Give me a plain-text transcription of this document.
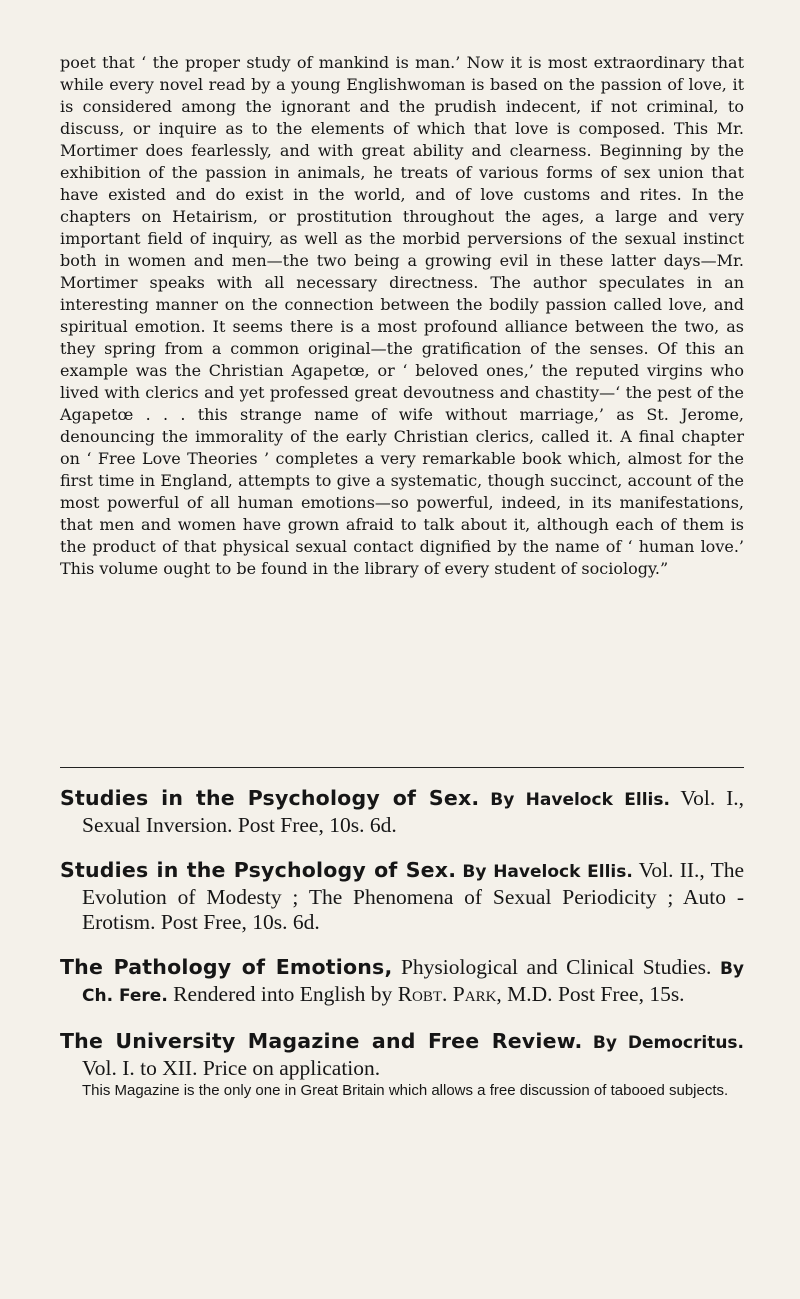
poet that ‘ the proper study of mankind is man.’ Now it is most extraordinary that while every novel read by a young Englishwoman is based on the passion of love, it is considered among the ignorant and the prudish indecent, if not criminal, to discuss, or inquire as to the elements of which that love is composed. This Mr. Mortimer does fearlessly, and with great ability and clearness. Beginning by the exhibition of the passion in animals, he treats of various forms of sex union that have existed and do exist in the world, and of love customs and rites. In the chapters on Hetairism, or prostitution throughout the ages, a large and very important field of inquiry, as well as the morbid perversions of the sexual instinct both in women and men—the two being a growing evil in these latter days—Mr. Mortimer speaks with all necessary directness. The author speculates in an interesting manner on the connection between the bodily passion called love, and spiritual emotion. It seems there is a most profound alliance between the two, as they spring from a common original—the gratification of the senses. Of this an example was the Christian Agapetœ, or ‘ beloved ones,’ the reputed virgins who lived with clerics and yet professed great devoutness and chastity—‘ the pest of the Agapetœ . . . this strange name of wife without marriage,’ as St. Jerome, denouncing the immorality of the early Christian clerics, called it. A final chapter on ‘ Free Love Theories ’ completes a very remarkable book which, almost for the first time in England, attempts to give a systematic, though succinct, account of the most powerful of all human emotions—so powerful, indeed, in its manifestations, that men and women have grown afraid to talk about it, although each of them is the product of that physical sexual contact dignified by the name of ‘ human love.’ This volume ought to be found in the library of every student of sociology.”

Studies in the Psychology of Sex. By Havelock Ellis. Vol. I., Sexual Inversion. Post Free, 10s. 6d.
Studies in the Psychology of Sex. By Havelock Ellis. Vol. II., The Evolution of Modesty ; The Phenomena of Sexual Periodicity ; Auto - Erotism. Post Free, 10s. 6d.
The Pathology of Emotions, Physiological and Clinical Studies. By Ch. Fere. Rendered into English by Robt. Park, M.D. Post Free, 15s.
The University Magazine and Free Review. By Democritus. Vol. I. to XII. Price on application.
This Magazine is the only one in Great Britain which allows a free discussion of tabooed subjects.
